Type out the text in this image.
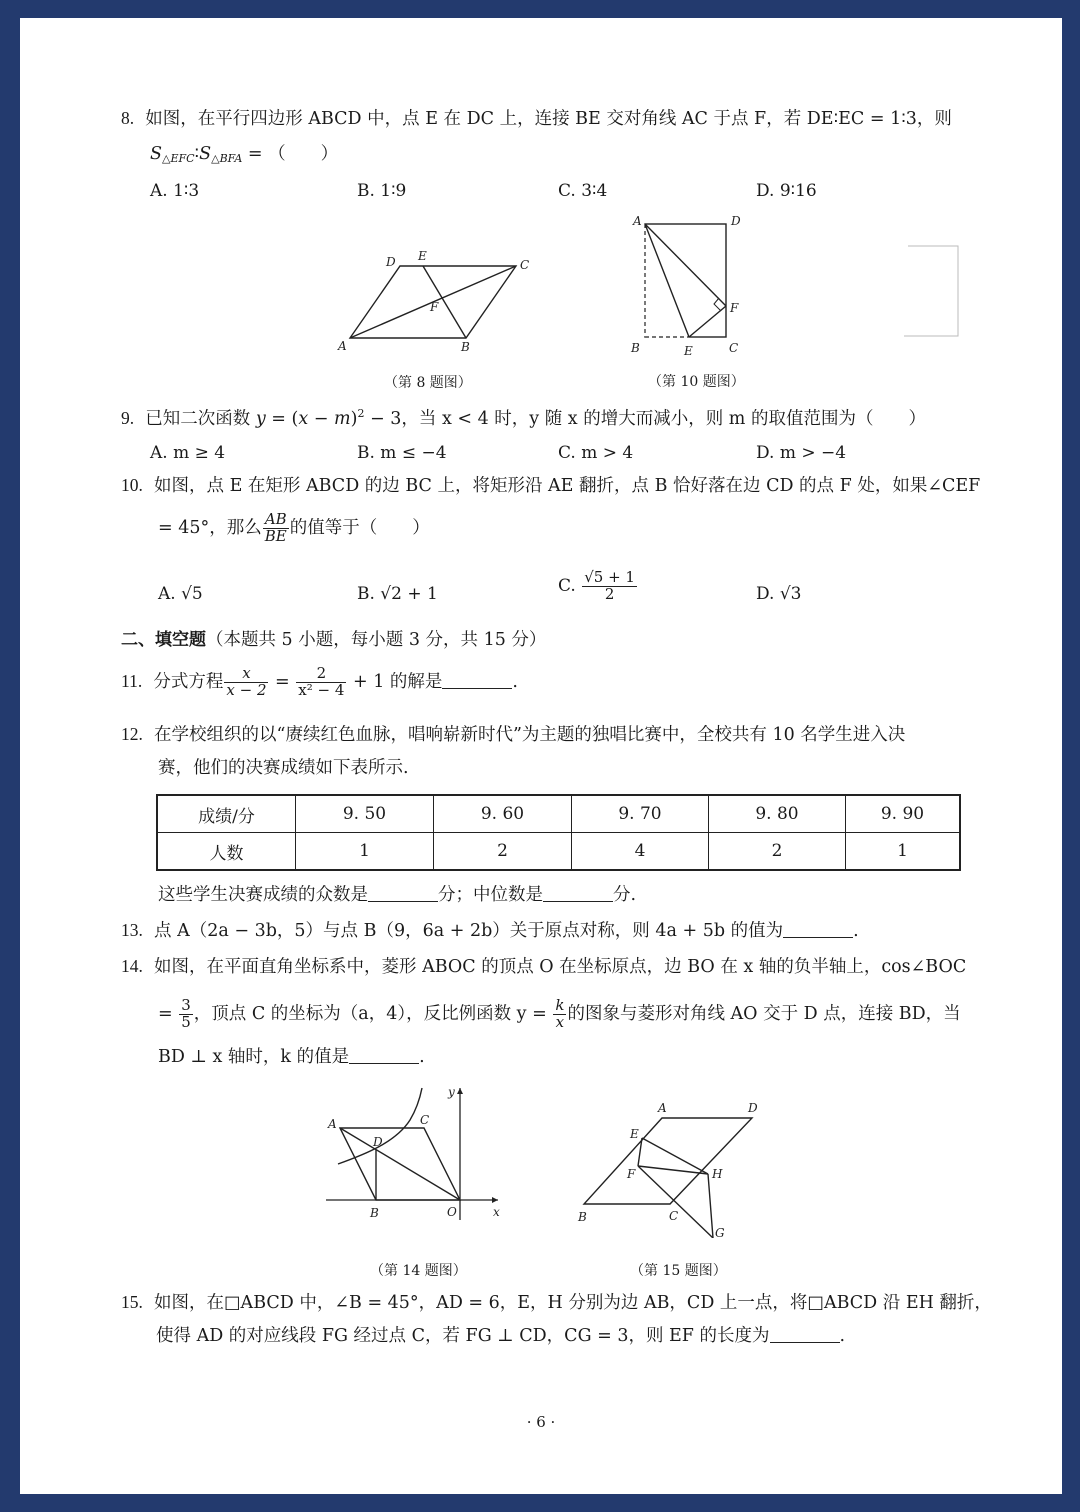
8. 如图，在平行四边形 ABCD 中，点 E 在 DC 上，连接 BE 交对角线 AC 于点 F，若 DE∶EC = 1∶3，则
$S_{\triangle EFC}∶S_{\triangle BFA}$ = （　　）
A. 1∶3	B. 1∶9	C. 3∶4	D. 9∶16
A	B
C
D E
F
（第 8 题图）
A	D
B	E	C
F
（第 10 题图）
9. 已知二次函数 $y = (x - m)^2 - 3$，当 x < 4 时，y 随 x 的增大而减小，则 m 的取值范围为（　　）
A. m ≥ 4	B. m ≤ −4	C. m > 4	D. m > −4
10. 如图，点 E 在矩形 ABCD 的边 BC 上，将矩形沿 AE 翻折，点 B 恰好落在边 CD 的点 F 处，如果∠CEF
= 45°，那么 $\frac{AB}{BE}$ 的值等于（　　）
A. √5	B. √2 + 1	C. $\frac{√5 + 1}{2}$	D. √3
二、填空题（本题共 5 小题，每小题 3 分，共 15 分）
11. 分式方程 $\frac{x}{x - 2} = \frac{2}{\text{x² − 4}} + 1$ 的解是	.
12. 在学校组织的以“赓续红色血脉，唱响崭新时代”为主题的独唱比赛中，全校共有 10 名学生进入决
赛，他们的决赛成绩如下表所示.
成绩/分	9. 50	9. 60	9. 70	9. 80	9. 90
人数	1	2	4	2	1
这些学生决赛成绩的众数是	分；中位数是	分.
13. 点 A（2a − 3b，5）与点 B（9，6a + 2b）关于原点对称，则 4a + 5b 的值为	.
14. 如图，在平面直角坐标系中，菱形 ABOC 的顶点 O 在坐标原点，边 BO 在 x 轴的负半轴上，cos∠BOC
= $\frac{3}{5}$ ，顶点 C 的坐标为（a，4），反比例函数 $y = \frac{k}{x}$ 的图象与菱形对角线 AO 交于 D 点，连接 BD，当
BD ⊥ x 轴时，k 的值是	.
A
B
C
D
O	x
y
（第 14 题图）
A	D
E
F	H
B	C
G
（第 15 题图）
15. 如图，在□ABCD 中，∠B = 45°，AD = 6，E，H 分别为边 AB，CD 上一点，将□ABCD 沿 EH 翻折，
使得 AD 的对应线段 FG 经过点 C，若 FG ⊥ CD，CG = 3，则 EF 的长度为	.
· 6 ·
